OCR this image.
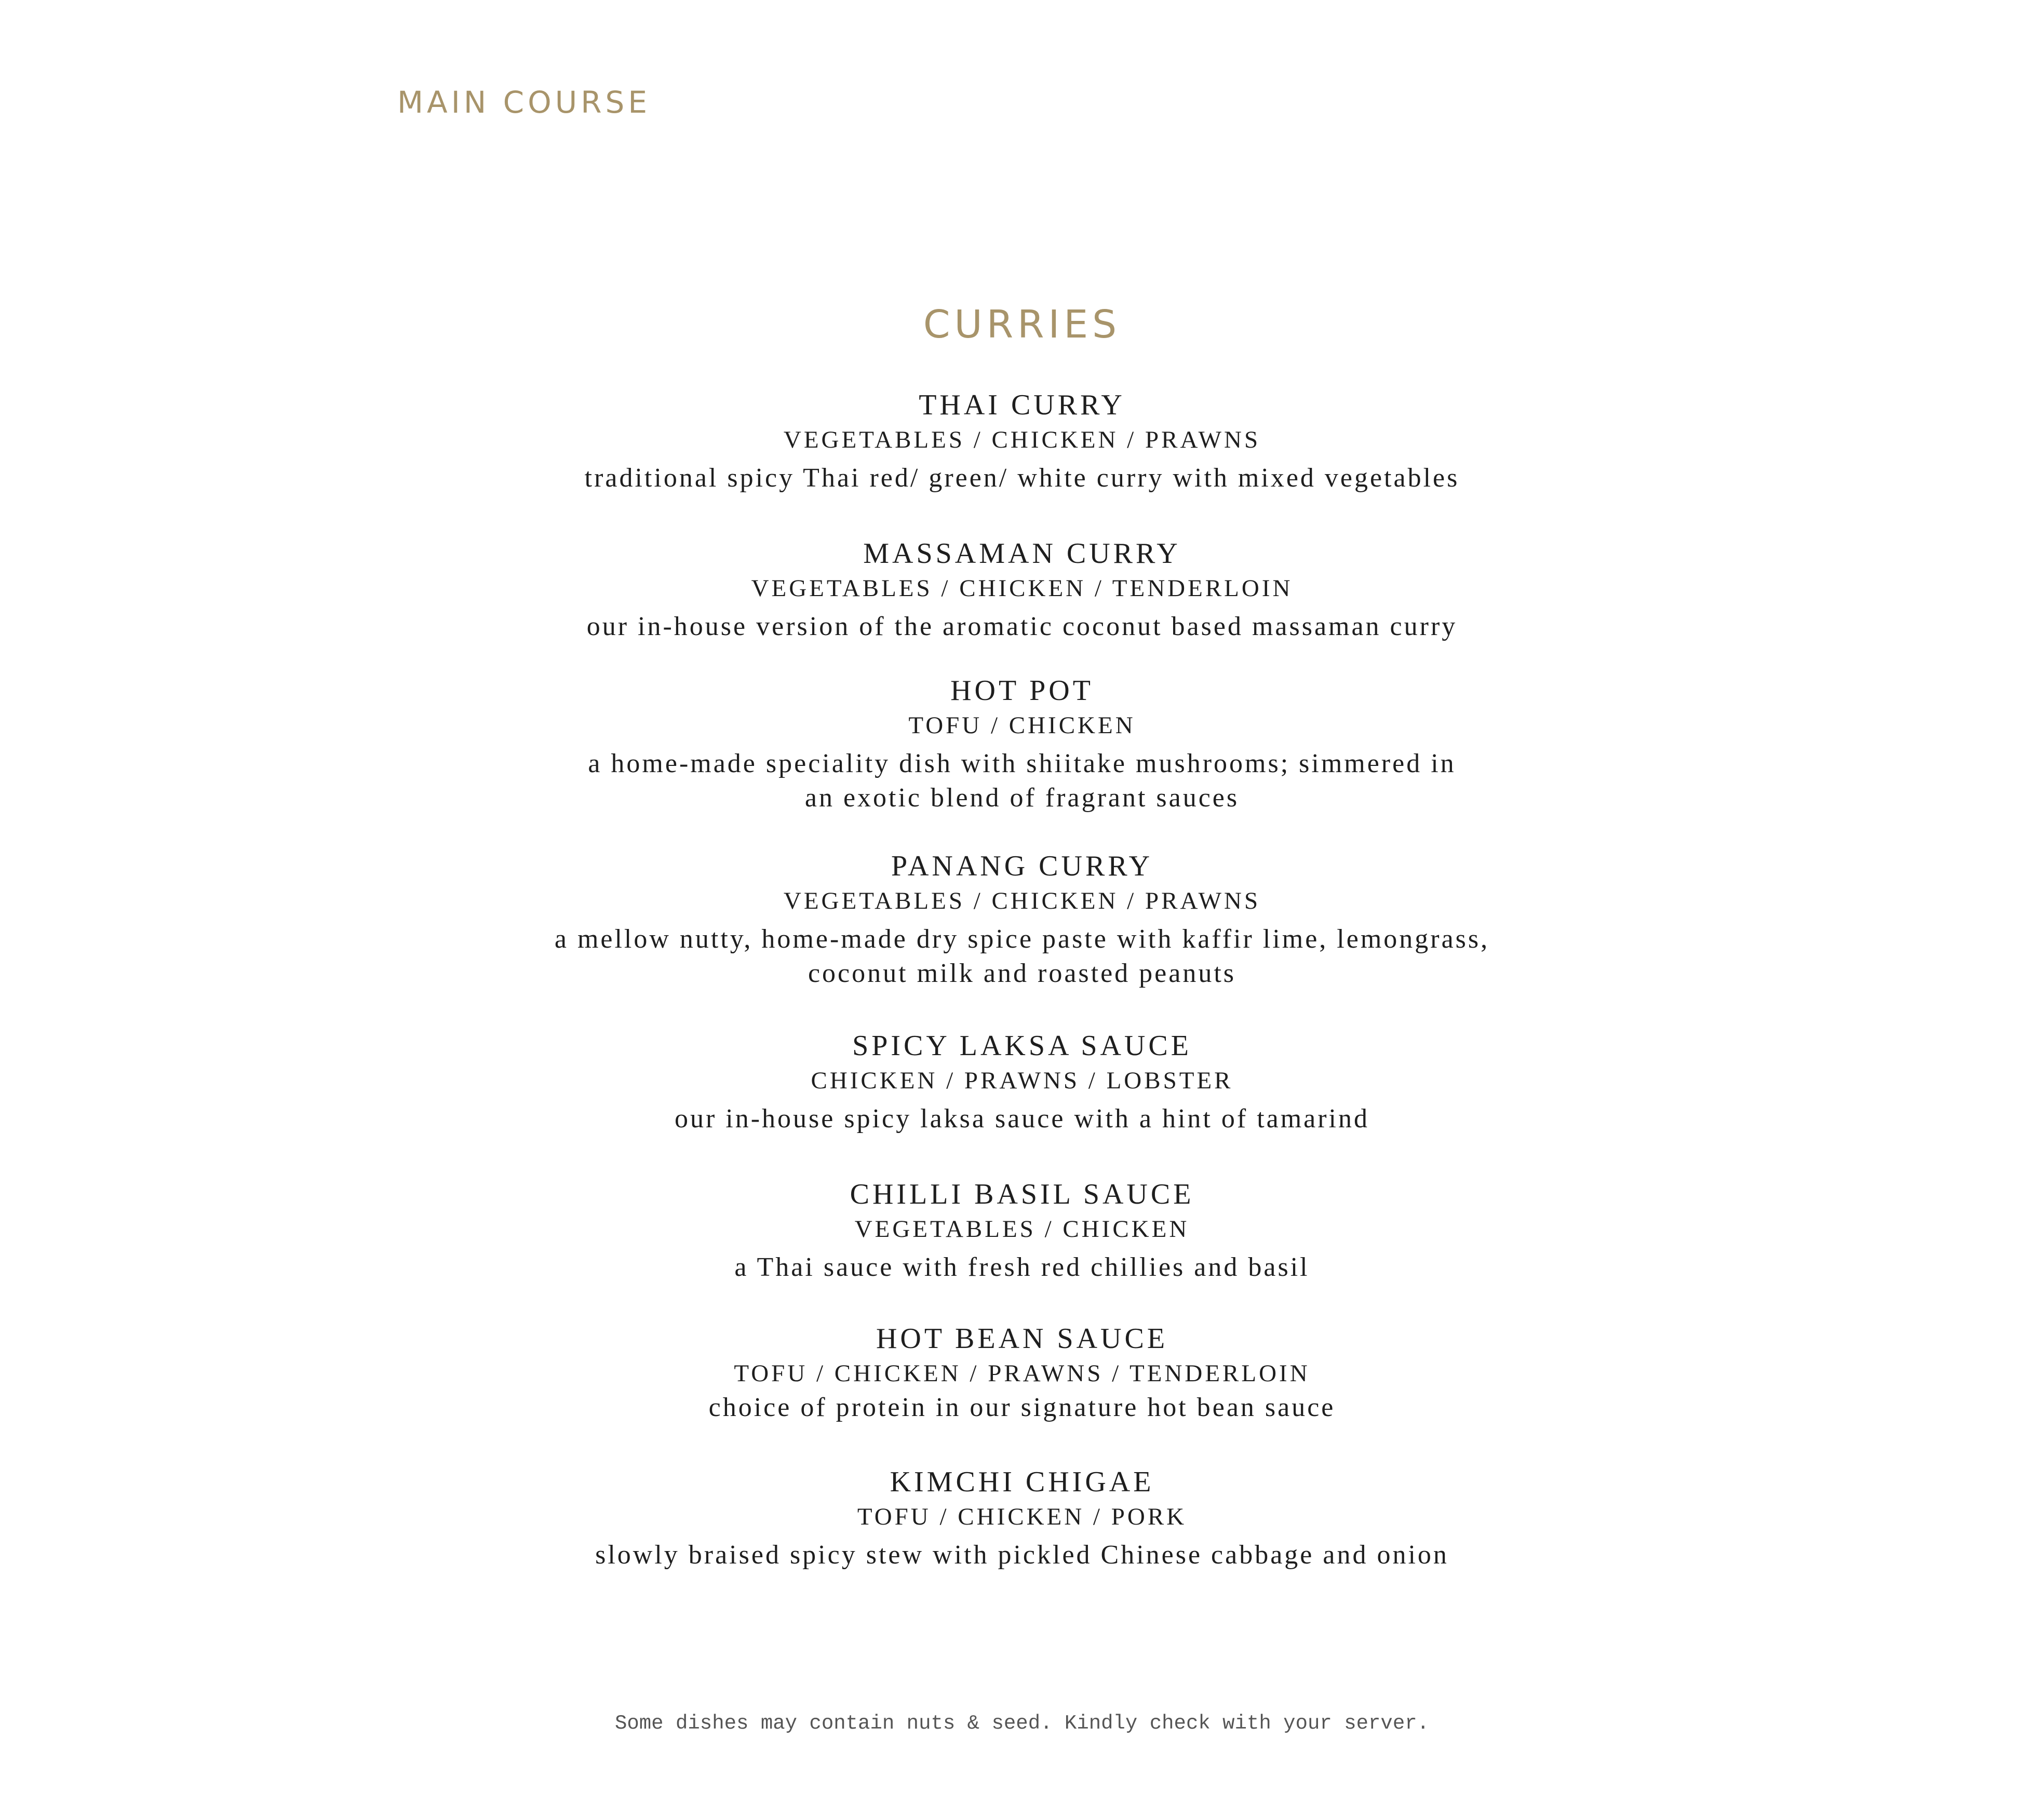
MAIN COURSE
CURRIES
THAI CURRY
VEGETABLES / CHICKEN / PRAWNS
traditional spicy Thai red/ green/ white curry with mixed vegetables
MASSAMAN CURRY
VEGETABLES / CHICKEN / TENDERLOIN
our in-house version of the aromatic coconut based massaman curry
HOT POT
TOFU / CHICKEN
a home-made speciality dish with shiitake mushrooms; simmered in
an exotic blend of fragrant sauces
PANANG CURRY
VEGETABLES / CHICKEN / PRAWNS
a mellow nutty, home-made dry spice paste with kaffir lime, lemongrass,
coconut milk and roasted peanuts
SPICY LAKSA SAUCE
CHICKEN / PRAWNS / LOBSTER
our in-house spicy laksa sauce with a hint of tamarind
CHILLI BASIL SAUCE
VEGETABLES / CHICKEN
a Thai sauce with fresh red chillies and basil
HOT BEAN SAUCE
TOFU / CHICKEN / PRAWNS / TENDERLOIN
choice of protein in our signature hot bean sauce
KIMCHI CHIGAE
TOFU / CHICKEN / PORK
slowly braised spicy stew with pickled Chinese cabbage and onion
Some dishes may contain nuts & seed. Kindly check with your server.
